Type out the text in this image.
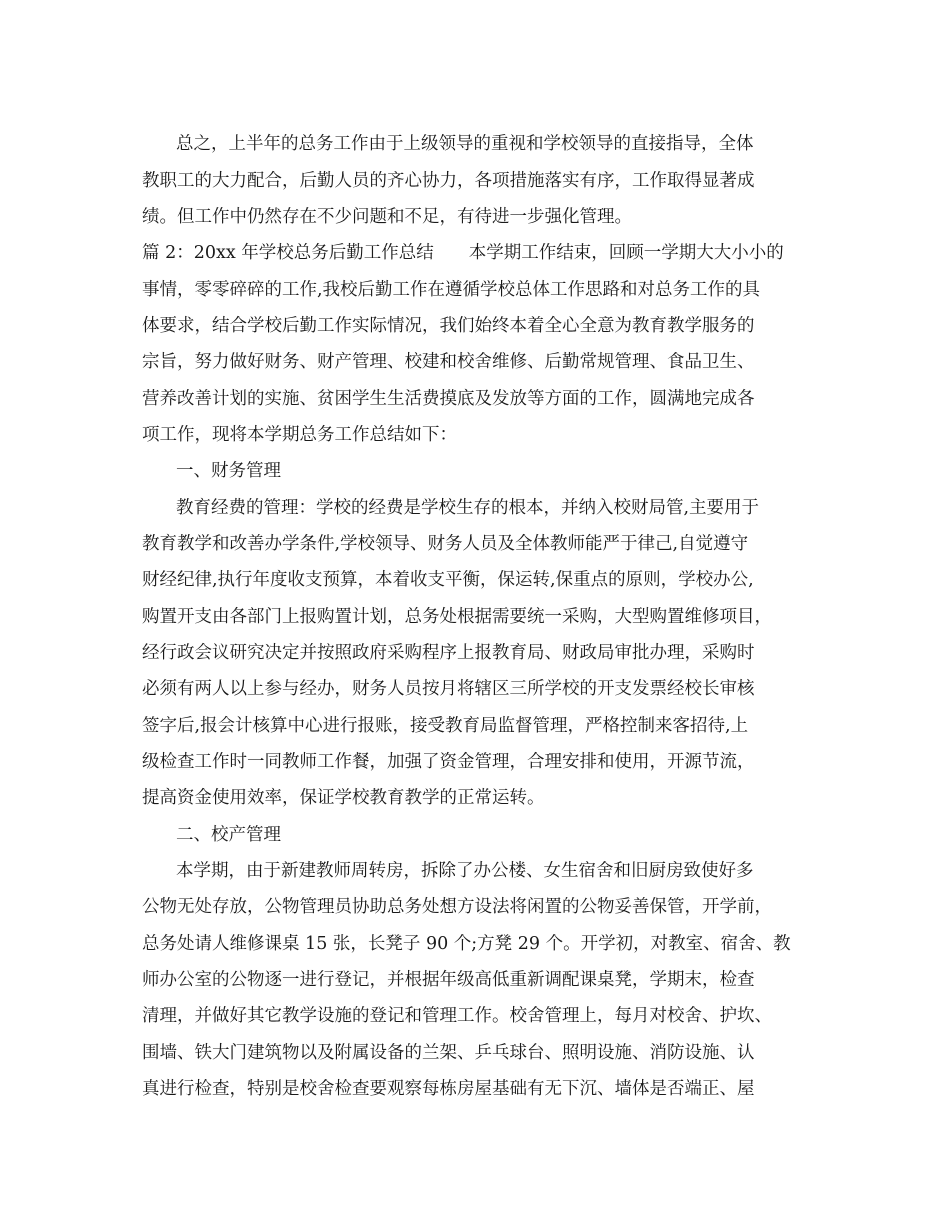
总之，上半年的总务工作由于上级领导的重视和学校领导的直接指导，全体
教职工的大力配合，后勤人员的齐心协力，各项措施落实有序，工作取得显著成
绩。但工作中仍然存在不少问题和不足，有待进一步强化管理。
篇 2：20xx 年学校总务后勤工作总结　　本学期工作结束，回顾一学期大大小小的
事情，零零碎碎的工作,我校后勤工作在遵循学校总体工作思路和对总务工作的具
体要求，结合学校后勤工作实际情况，我们始终本着全心全意为教育教学服务的
宗旨，努力做好财务、财产管理、校建和校舍维修、后勤常规管理、食品卫生、
营养改善计划的实施、贫困学生生活费摸底及发放等方面的工作，圆满地完成各
项工作，现将本学期总务工作总结如下：
一、财务管理
教育经费的管理：学校的经费是学校生存的根本，并纳入校财局管,主要用于
教育教学和改善办学条件,学校领导、财务人员及全体教师能严于律己,自觉遵守
财经纪律,执行年度收支预算，本着收支平衡，保运转,保重点的原则，学校办公,
购置开支由各部门上报购置计划，总务处根据需要统一采购，大型购置维修项目，
经行政会议研究决定并按照政府采购程序上报教育局、财政局审批办理，采购时
必须有两人以上参与经办，财务人员按月将辖区三所学校的开支发票经校长审核
签字后,报会计核算中心进行报账，接受教育局监督管理，严格控制来客招待,上
级检查工作时一同教师工作餐，加强了资金管理，合理安排和使用，开源节流，
提高资金使用效率，保证学校教育教学的正常运转。
二、校产管理
本学期，由于新建教师周转房，拆除了办公楼、女生宿舍和旧厨房致使好多
公物无处存放，公物管理员协助总务处想方设法将闲置的公物妥善保管，开学前，
总务处请人维修课桌 15 张，长凳子 90 个;方凳 29 个。开学初，对教室、宿舍、教
师办公室的公物逐一进行登记，并根据年级高低重新调配课桌凳，学期末，检查
清理，并做好其它教学设施的登记和管理工作。校舍管理上，每月对校舍、护坎、
围墙、铁大门建筑物以及附属设备的兰架、乒乓球台、照明设施、消防设施、认
真进行检查，特别是校舍检查要观察每栋房屋基础有无下沉、墙体是否端正、屋
